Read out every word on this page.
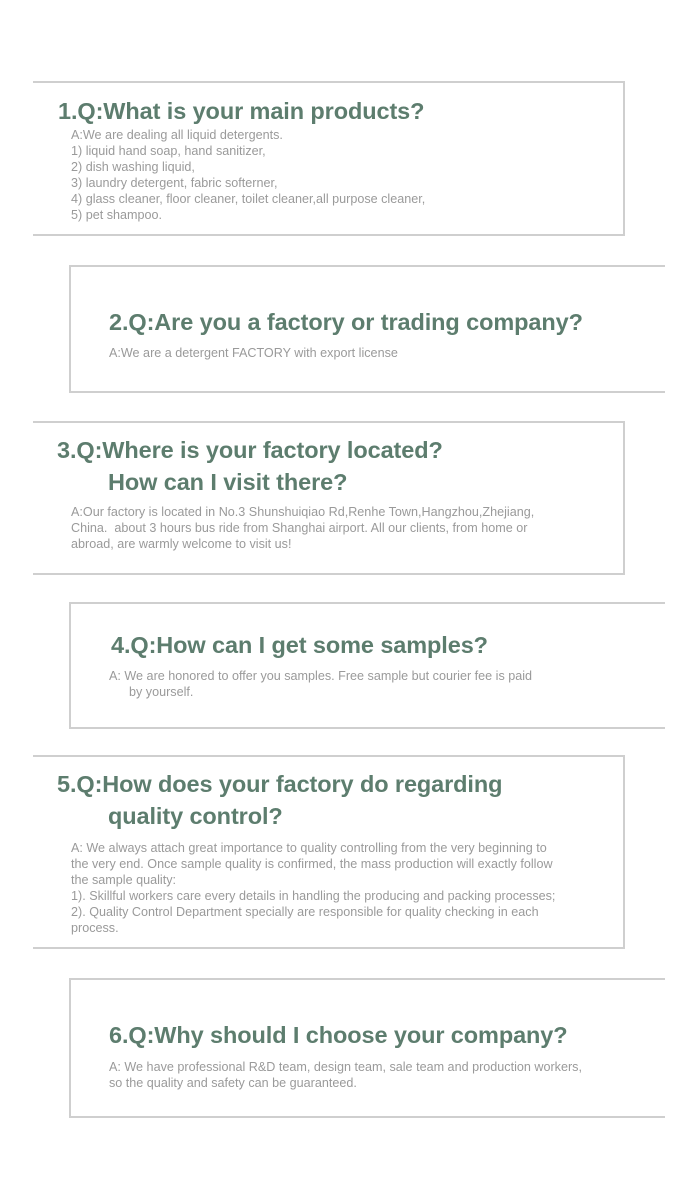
1.Q:What is your main products?

A:We are dealing all liquid detergents.

1) liquid hand soap, hand sanitizer,

2) dish washing liquid,

3) laundry detergent, fabric softerner,

4) glass cleaner, floor cleaner, toilet cleaner,all purpose cleaner,

5) pet shampoo.

2.Q:Are you a factory or trading company?

A:We are a detergent FACTORY with export license

3.Q:Where is your factory located?
How can I visit there?

A:Our factory is located in No.3 Shunshuiqiao Rd,Renhe Town,Hangzhou,Zhejiang,

China.  about 3 hours bus ride from Shanghai airport. All our clients, from home or

abroad, are warmly welcome to visit us!

4.Q:How can I get some samples?

A: We are honored to offer you samples. Free sample but courier fee is paid

by yourself.

5.Q:How does your factory do regarding
quality control?

A: We always attach great importance to quality controlling from the very beginning to

the very end. Once sample quality is confirmed, the mass production will exactly follow

the sample quality:

1). Skillful workers care every details in handling the producing and packing processes;

2). Quality Control Department specially are responsible for quality checking in each

process.

6.Q:Why should I choose your company?

A: We have professional R&D team, design team, sale team and production workers,

so the quality and safety can be guaranteed.
